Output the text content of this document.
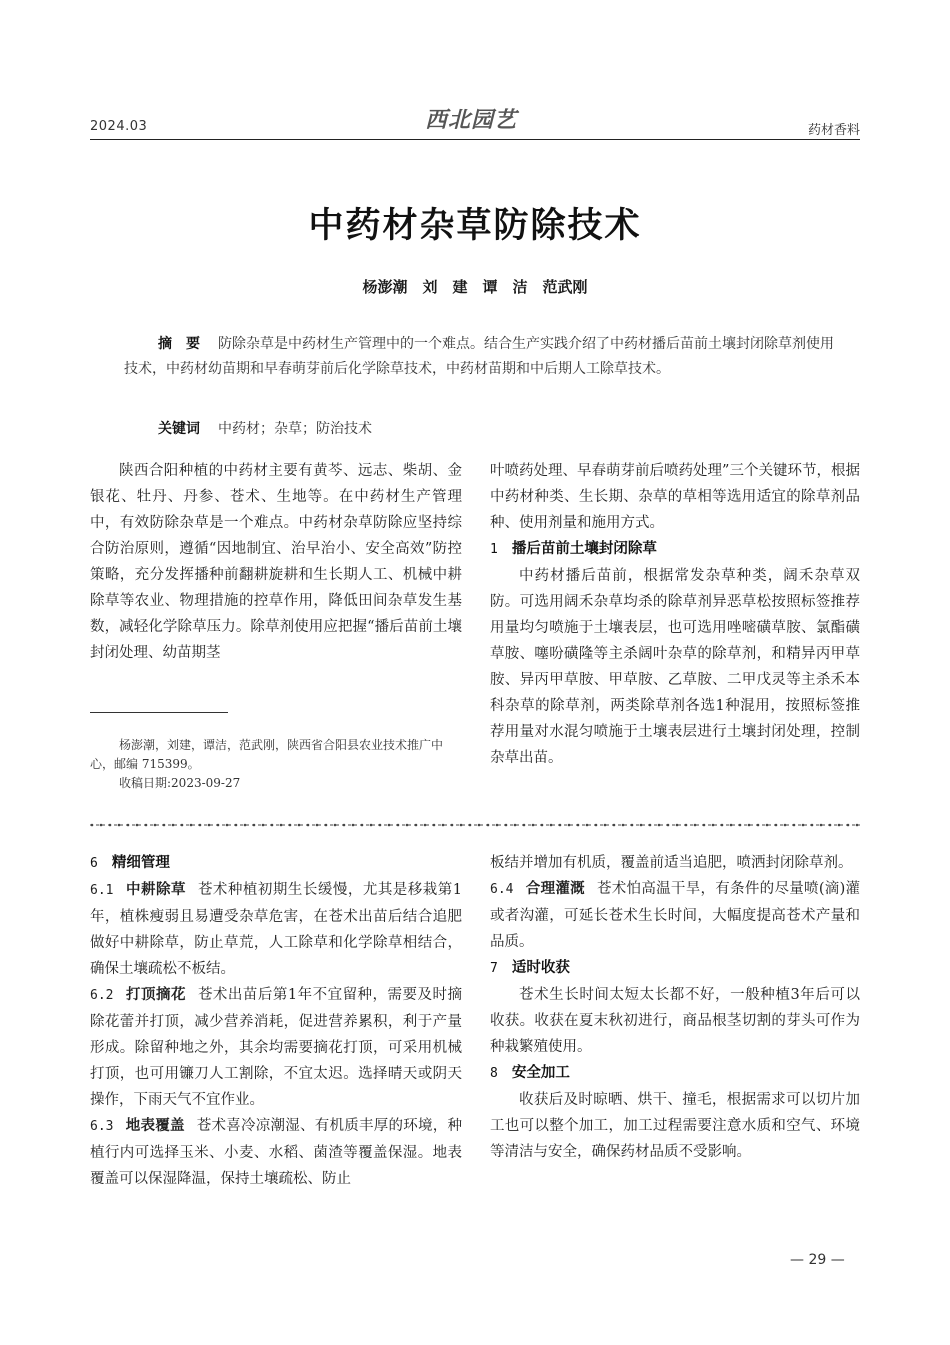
2024.03	西北园艺	药材香料
中药材杂草防除技术
杨澎潮　刘　建　谭　洁　范武刚

摘　要 防除杂草是中药材生产管理中的一个难点。结合生产实践介绍了中药材播后苗前土壤封闭除草剂使用技术，中药材幼苗期和早春萌芽前后化学除草技术，中药材苗期和中后期人工除草技术。

关键词 中药材；杂草；防治技术

陕西合阳种植的中药材主要有黄芩、远志、柴胡、金银花、牡丹、丹参、苍术、生地等。在中药材生产管理中，有效防除杂草是一个难点。中药材杂草防除应坚持综合防治原则，遵循“因地制宜、治早治小、安全高效”防控策略，充分发挥播种前翻耕旋耕和生长期人工、机械中耕除草等农业、物理措施的控草作用，降低田间杂草发生基数，减轻化学除草压力。除草剂使用应把握“播后苗前土壤封闭处理、幼苗期茎

叶喷药处理、早春萌芽前后喷药处理”三个关键环节，根据中药材种类、生长期、杂草的草相等选用适宜的除草剂品种、使用剂量和施用方式。

1 播后苗前土壤封闭除草

中药材播后苗前，根据常发杂草种类，阔禾杂草双防。可选用阔禾杂草均杀的除草剂异恶草松按照标签推荐用量均匀喷施于土壤表层，也可选用唑嘧磺草胺、氯酯磺草胺、噻吩磺隆等主杀阔叶杂草的除草剂，和精异丙甲草胺、异丙甲草胺、甲草胺、乙草胺、二甲戊灵等主杀禾本科杂草的除草剂，两类除草剂各选1种混用，按照标签推荐用量对水混匀喷施于土壤表层进行土壤封闭处理，控制杂草出苗。

杨澎潮，刘建，谭洁，范武刚，陕西省合阳县农业技术推广中心，邮编 715399。

收稿日期:2023-09-27

6 精细管理

6.1 中耕除草 苍术种植初期生长缓慢，尤其是移栽第1年，植株瘦弱且易遭受杂草危害，在苍术出苗后结合追肥做好中耕除草，防止草荒，人工除草和化学除草相结合，确保土壤疏松不板结。

6.2 打顶摘花 苍术出苗后第1年不宜留种，需要及时摘除花蕾并打顶，减少营养消耗，促进营养累积，利于产量形成。除留种地之外，其余均需要摘花打顶，可采用机械打顶，也可用镰刀人工割除，不宜太迟。选择晴天或阴天操作，下雨天气不宜作业。

6.3 地表覆盖 苍术喜冷凉潮湿、有机质丰厚的环境，种植行内可选择玉米、小麦、水稻、菌渣等覆盖保湿。地表覆盖可以保湿降温，保持土壤疏松、防止

板结并增加有机质，覆盖前适当追肥，喷洒封闭除草剂。

6.4 合理灌溉 苍术怕高温干旱，有条件的尽量喷(滴)灌或者沟灌，可延长苍术生长时间，大幅度提高苍术产量和品质。

7 适时收获

苍术生长时间太短太长都不好，一般种植3年后可以收获。收获在夏末秋初进行，商品根茎切割的芽头可作为种栽繁殖使用。

8 安全加工

收获后及时晾晒、烘干、撞毛，根据需求可以切片加工也可以整个加工，加工过程需要注意水质和空气、环境等清洁与安全，确保药材品质不受影响。

— 29 —
